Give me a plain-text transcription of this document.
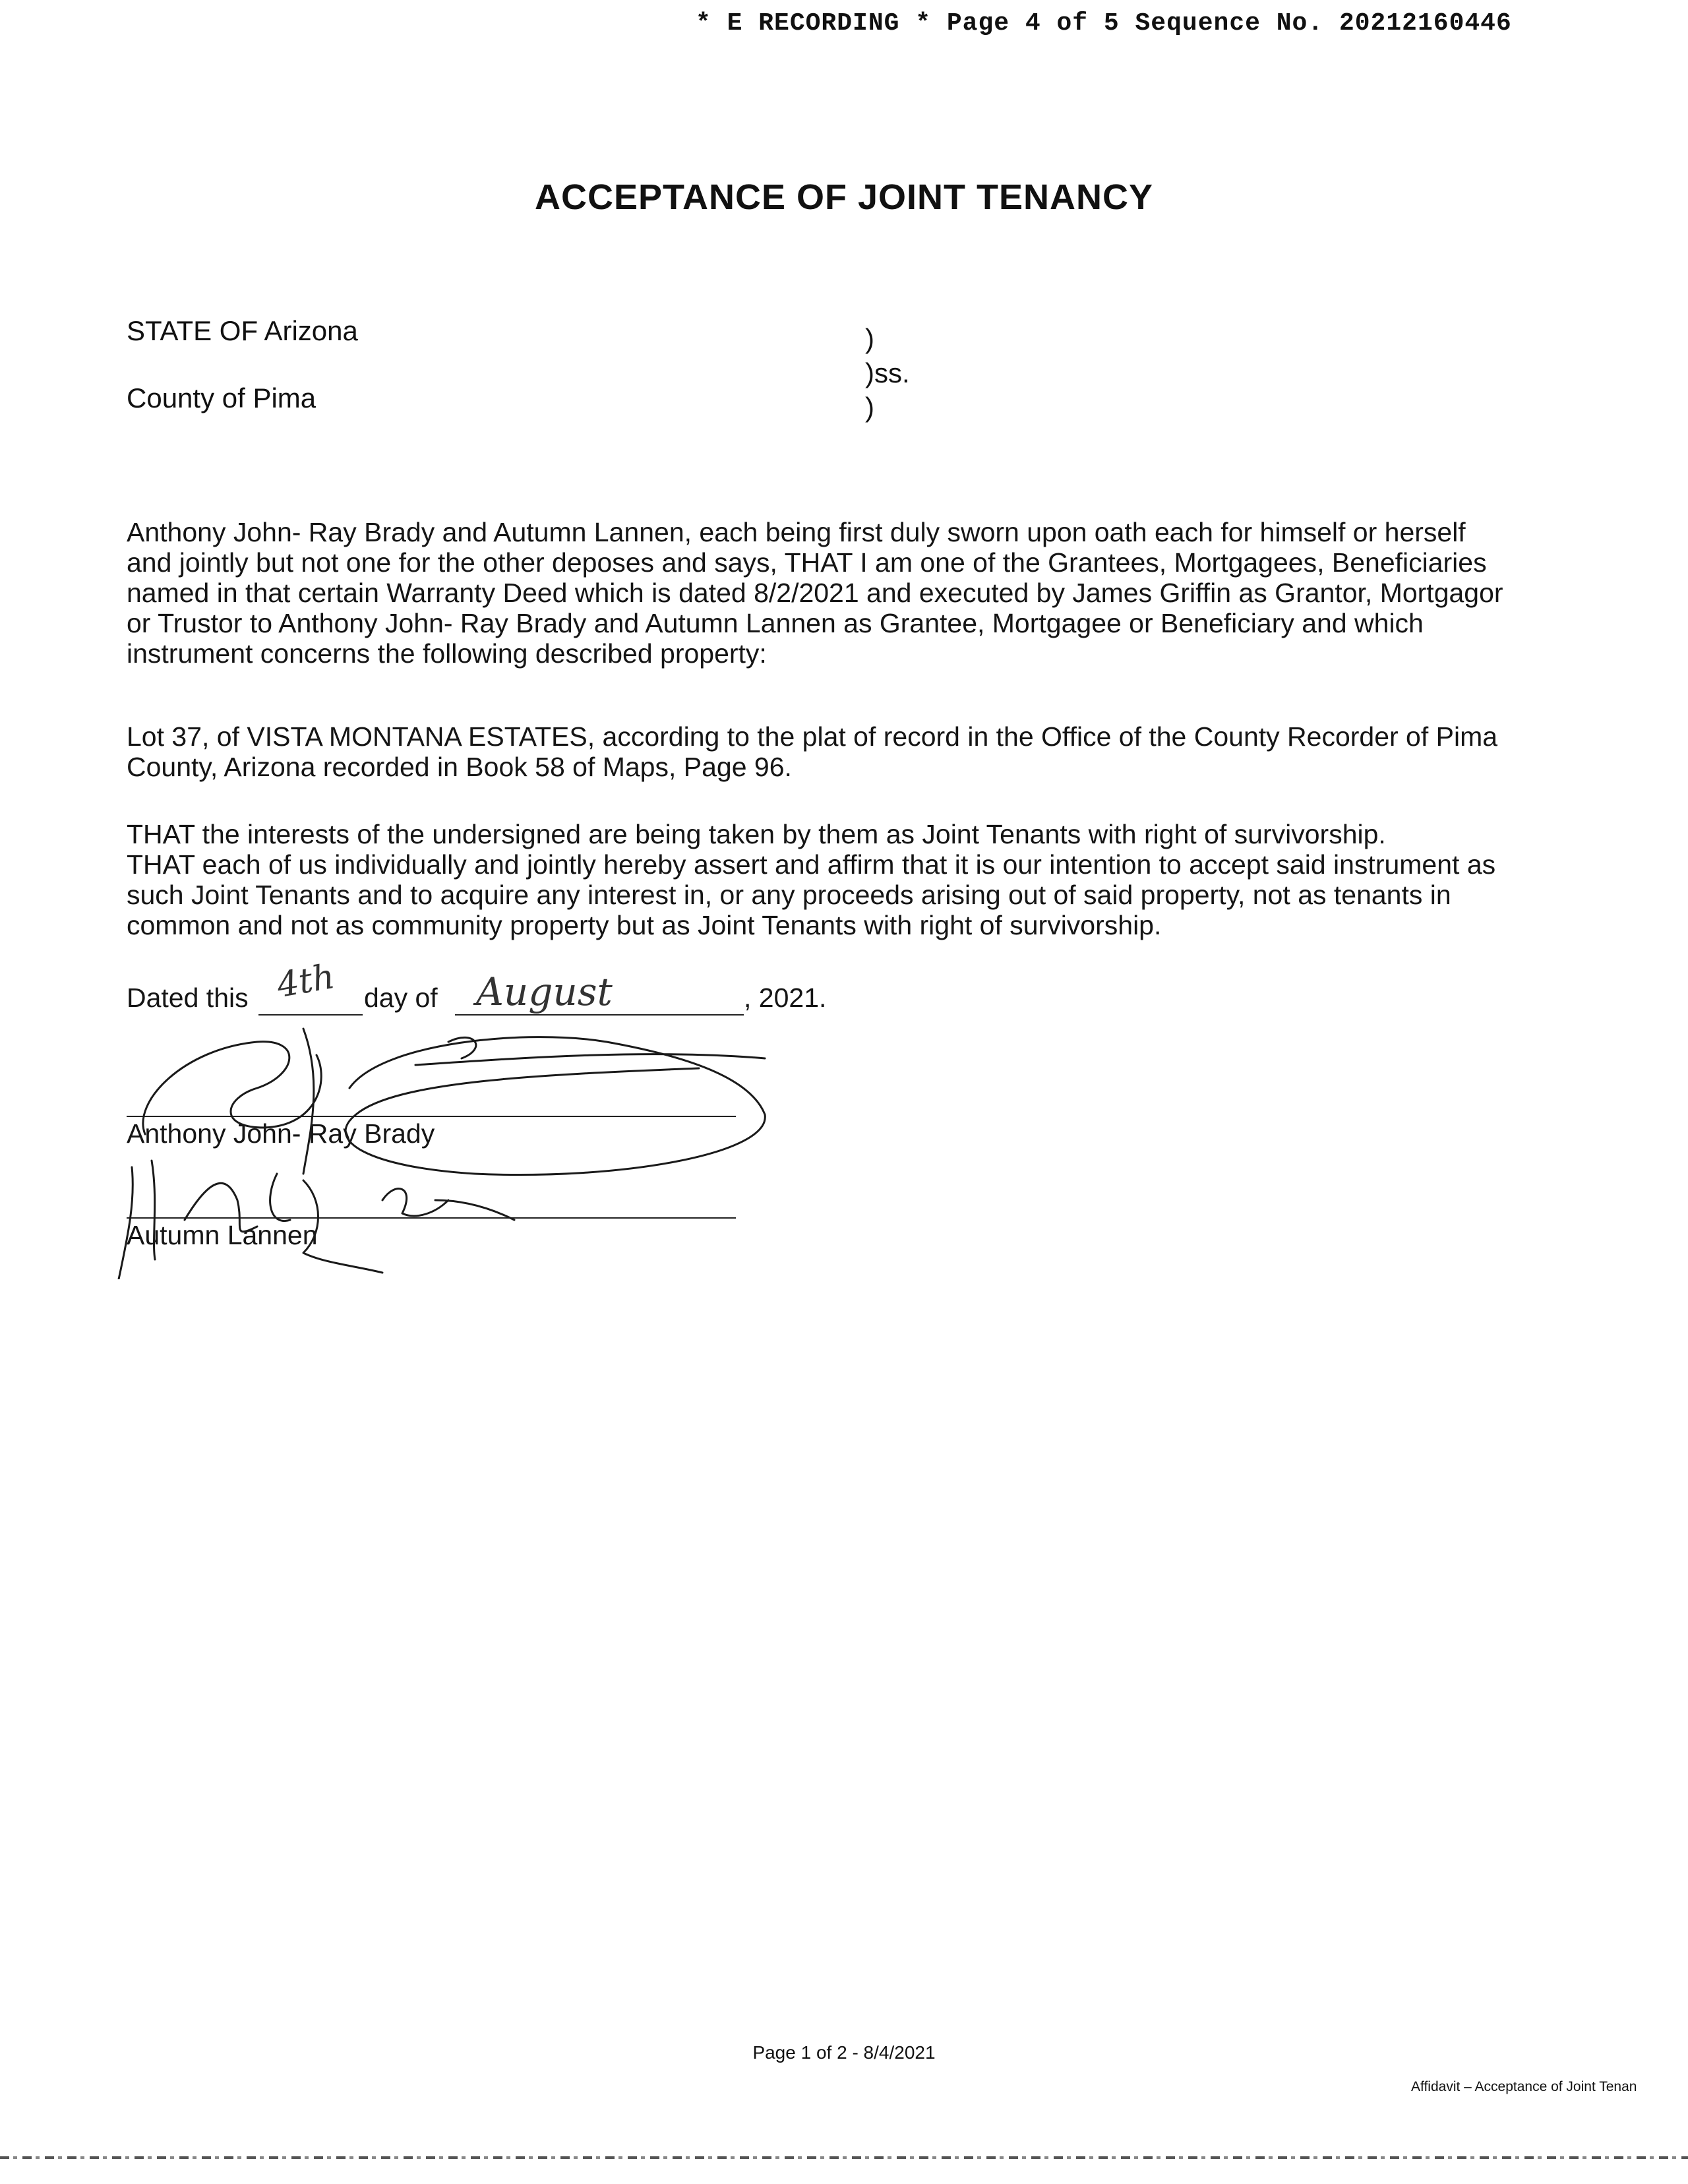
* E RECORDING * Page 4 of 5 Sequence No. 20212160446
ACCEPTANCE OF JOINT TENANCY
STATE OF Arizona
County of Pima
)
)ss.
)
Anthony John- Ray Brady and Autumn Lannen, each being first duly sworn upon oath each for himself or herself
and jointly but not one for the other deposes and says, THAT I am one of the Grantees, Mortgagees, Beneficiaries
named in that certain Warranty Deed which is dated 8/2/2021 and executed by James Griffin as Grantor, Mortgagor
or Trustor to Anthony John- Ray Brady and Autumn Lannen as Grantee, Mortgagee or Beneficiary and which
instrument concerns the following described property:
Lot 37, of VISTA MONTANA ESTATES, according to the plat of record in the Office of the County Recorder of Pima
County, Arizona recorded in Book 58 of Maps, Page 96.
THAT the interests of the undersigned are being taken by them as Joint Tenants with right of survivorship.
THAT each of us individually and jointly hereby assert and affirm that it is our intention to accept said instrument as
such Joint Tenants and to acquire any interest in, or any proceeds arising out of said property, not as tenants in
common and not as community property but as Joint Tenants with right of survivorship.
Dated this 4th day of August	, 2021.
Anthony John- Ray Brady
Autumn Lannen
Page 1 of 2 - 8/4/2021
Affidavit – Acceptance of Joint Tenan
